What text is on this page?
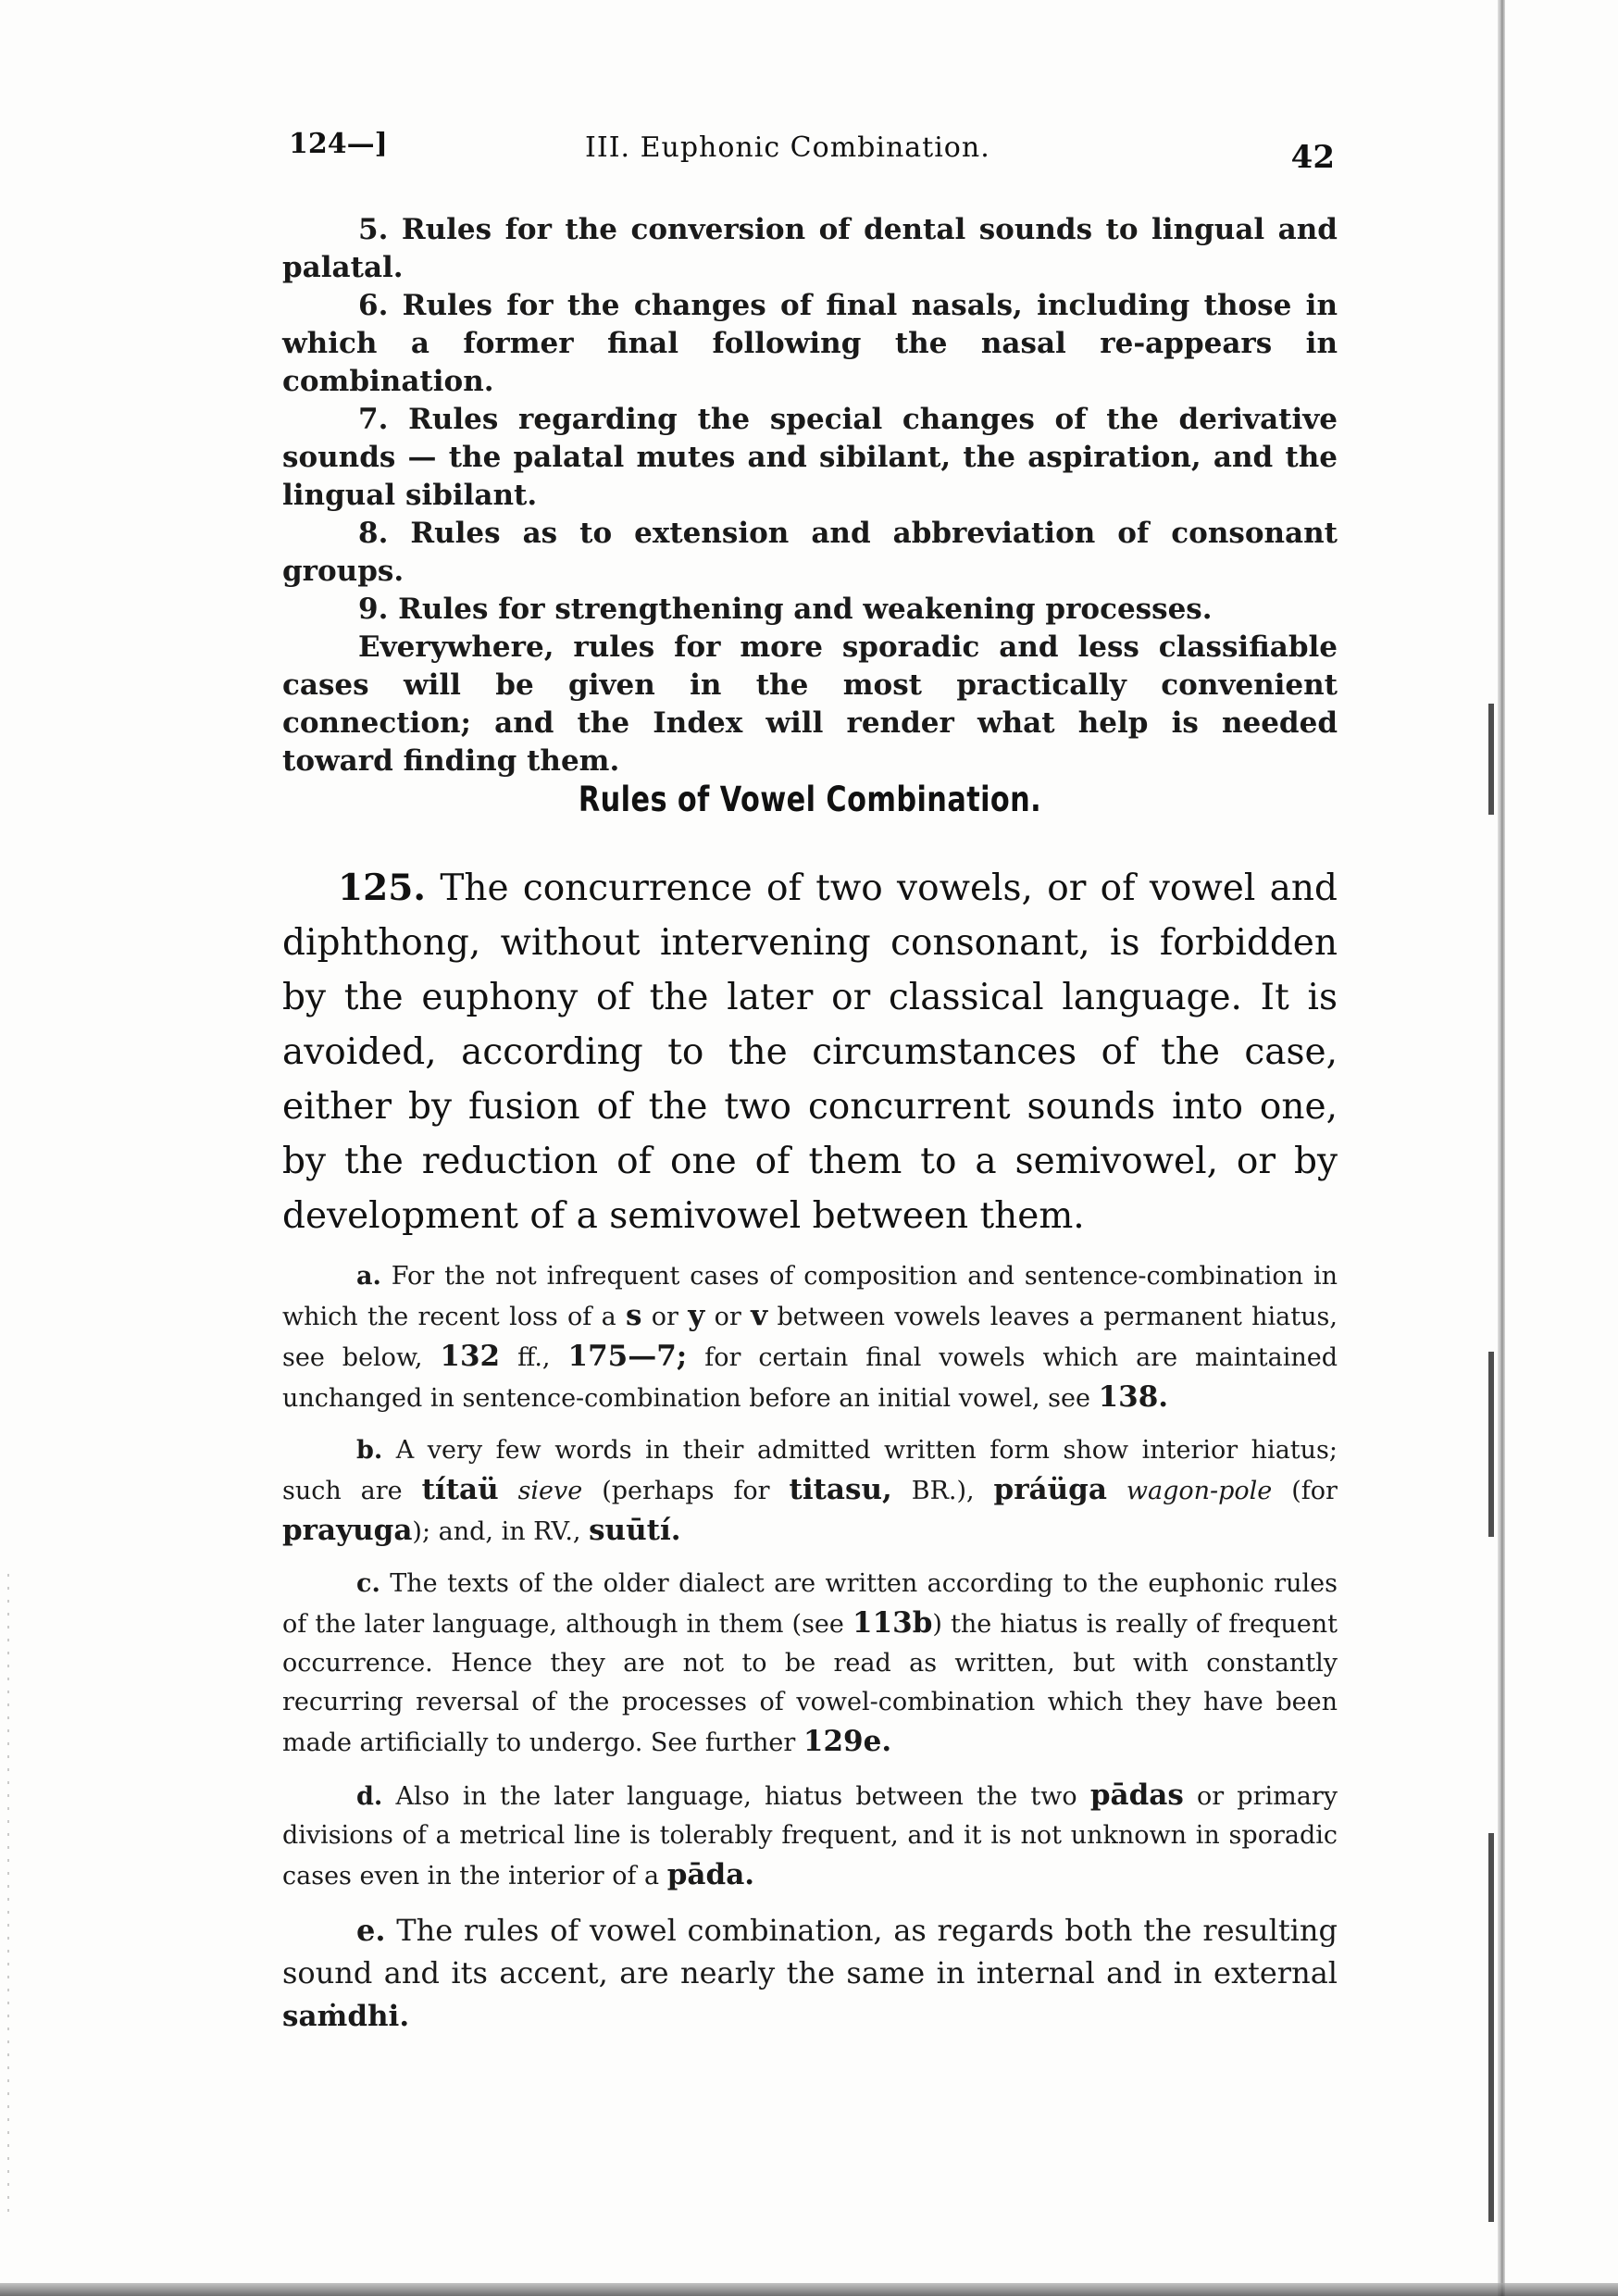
124—]	III. Euphonic Combination.	42

5. Rules for the conversion of dental sounds to lingual and palatal.

6. Rules for the changes of final nasals, including those in which a former final following the nasal re-appears in combination.

7. Rules regarding the special changes of the derivative sounds — the palatal mutes and sibilant, the aspiration, and the lingual sibilant.

8. Rules as to extension and abbreviation of consonant groups.

9. Rules for strengthening and weakening processes.

Everywhere, rules for more sporadic and less classifiable cases will be given in the most practically convenient connection; and the Index will render what help is needed toward finding them.

Rules of Vowel Combination.

125. The concurrence of two vowels, or of vowel and diphthong, without intervening consonant, is forbidden by the euphony of the later or classical language. It is avoided, according to the circumstances of the case, either by fusion of the two concurrent sounds into one, by the reduction of one of them to a semivowel, or by development of a semivowel between them.

a. For the not infrequent cases of composition and sentence-combination in which the recent loss of a s or y or v between vowels leaves a permanent hiatus, see below, 132 ff., 175—7; for certain final vowels which are maintained unchanged in sentence-combination before an initial vowel, see 138.

b. A very few words in their admitted written form show interior hiatus; such are títaü sieve (perhaps for titasu, BR.), práüga wagon-pole (for prayuga); and, in RV., suūtí.

c. The texts of the older dialect are written according to the euphonic rules of the later language, although in them (see 113b) the hiatus is really of frequent occurrence. Hence they are not to be read as written, but with constantly recurring reversal of the processes of vowel-combination which they have been made artificially to undergo. See further 129e.

d. Also in the later language, hiatus between the two pādas or primary divisions of a metrical line is tolerably frequent, and it is not unknown in sporadic cases even in the interior of a pāda.

e. The rules of vowel combination, as regards both the resulting sound and its accent, are nearly the same in internal and in external saṁdhi.
